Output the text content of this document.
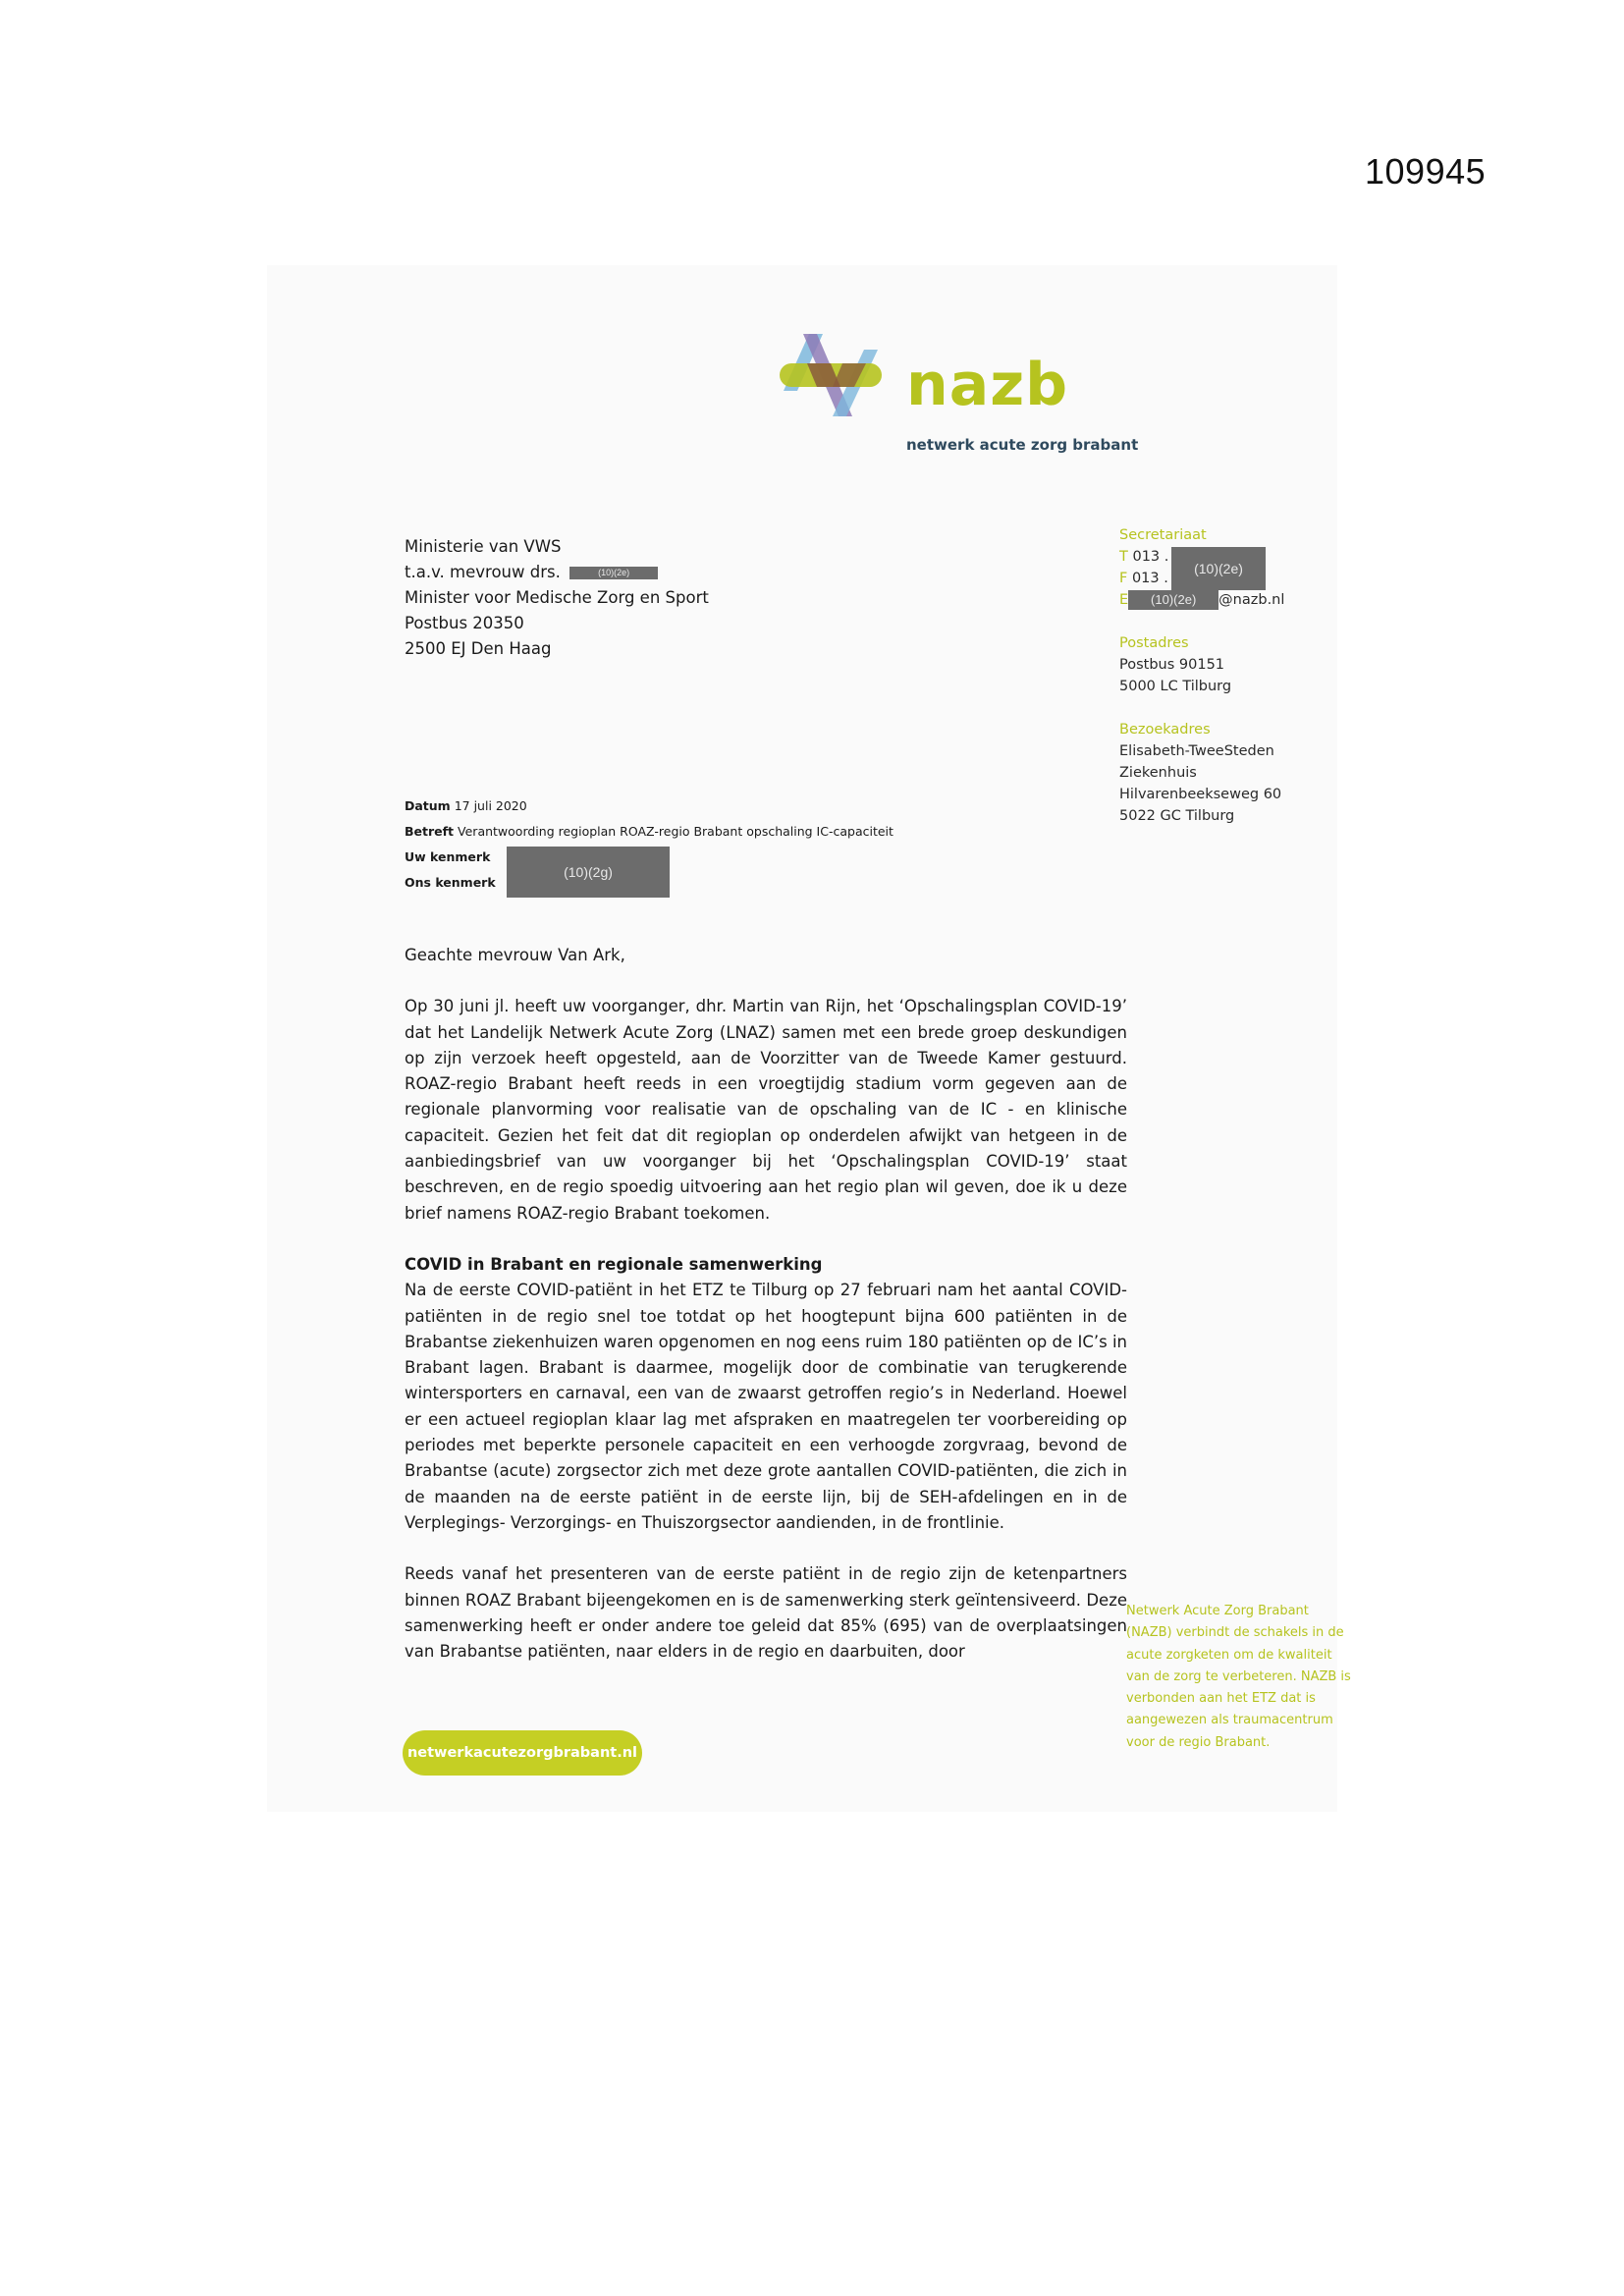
109945
nazb
netwerk acute zorg brabant
Ministerie van VWS
t.a.v. mevrouw drs.	(10)(2e)
Minister voor Medische Zorg en Sport
Postbus 20350
2500 EJ Den Haag
Secretariaat
T 013 .
F 013 .
E (10)(2e) @nazb.nl
Postadres
Postbus 90151
5000 LC Tilburg
Bezoekadres
Elisabeth-TweeSteden
Ziekenhuis
Hilvarenbeekseweg 60
5022 GC Tilburg
(10)(2e)
Datum 17 juli 2020
Betreft Verantwoording regioplan ROAZ-regio Brabant opschaling IC-capaciteit
Uw kenmerk
Ons kenmerk
(10)(2g)

Geachte mevrouw Van Ark,

Op 30 juni jl. heeft uw voorganger, dhr. Martin van Rijn, het ‘Opschalingsplan COVID-19’ dat het Landelijk Netwerk Acute Zorg (LNAZ) samen met een brede groep deskundigen op zijn verzoek heeft opgesteld, aan de Voorzitter van de Tweede Kamer gestuurd. ROAZ-regio Brabant heeft reeds in een vroegtijdig stadium vorm gegeven aan de regionale planvorming voor realisatie van de opschaling van de IC - en klinische capaciteit. Gezien het feit dat dit regioplan op onderdelen afwijkt van hetgeen in de aanbiedingsbrief van uw voorganger bij het ‘Opschalingsplan COVID-19’ staat beschreven, en de regio spoedig uitvoering aan het regio plan wil geven, doe ik u deze brief namens ROAZ-regio Brabant toekomen.

COVID in Brabant en regionale samenwerking

Na de eerste COVID-patiënt in het ETZ te Tilburg op 27 februari nam het aantal COVID-patiënten in de regio snel toe totdat op het hoogtepunt bijna 600 patiënten in de Brabantse ziekenhuizen waren opgenomen en nog eens ruim 180 patiënten op de IC’s in Brabant lagen. Brabant is daarmee, mogelijk door de combinatie van terugkerende wintersporters en carnaval, een van de zwaarst getroffen regio’s in Nederland. Hoewel er een actueel regioplan klaar lag met afspraken en maatregelen ter voorbereiding op periodes met beperkte personele capaciteit en een verhoogde zorgvraag, bevond de Brabantse (acute) zorgsector zich met deze grote aantallen COVID-patiënten, die zich in de maanden na de eerste patiënt in de eerste lijn, bij de SEH-afdelingen en in de Verplegings- Verzorgings- en Thuiszorgsector aandienden, in de frontlinie.

Reeds vanaf het presenteren van de eerste patiënt in de regio zijn de ketenpartners binnen ROAZ Brabant bijeengekomen en is de samenwerking sterk geïntensiveerd. Deze samenwerking heeft er onder andere toe geleid dat 85% (695) van de overplaatsingen van Brabantse patiënten, naar elders in de regio en daarbuiten, door

netwerkacutezorgbrabant.nl
Netwerk Acute Zorg Brabant (NAZB) verbindt de schakels in de acute zorgketen om de kwaliteit van de zorg te verbeteren. NAZB is verbonden aan het ETZ dat is aangewezen als traumacentrum voor de regio Brabant.
